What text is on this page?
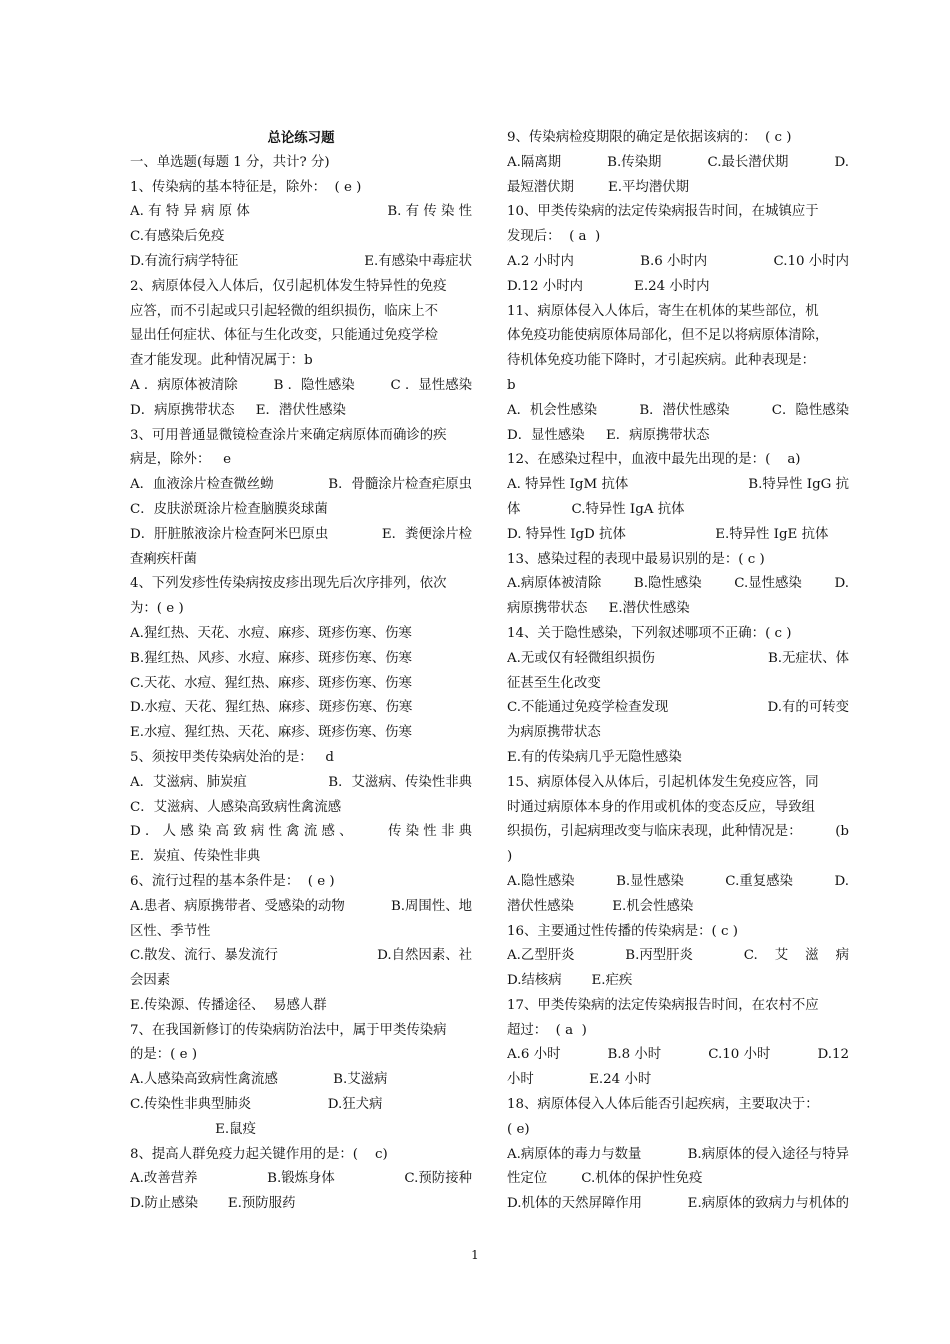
总论练习题
一、单选题(每题 1 分，共计? 分)
1、传染病的基本特征是，除外：  ( e )
A. 有 特 异 病 原 体	B. 有 传 染 性
C.有感染后免疫
D.有流行病学特征	E.有感染中毒症状
2、病原体侵入人体后，仅引起机体发生特异性的免疫
应答，而不引起或只引起轻微的组织损伤，临床上不
显出任何症状、体征与生化改变，只能通过免疫学检
查才能发现。此种情况属于：b
A ．病原体被清除	B ．隐性感染	C ．显性感染
D．病原携带状态     E．潜伏性感染
3、可用普通显微镜检查涂片来确定病原体而确诊的疾
病是，除外：   e
A．血液涂片检查微丝蚴	B．骨髓涂片检查疟原虫
C．皮肤淤斑涂片检查脑膜炎球菌
D．肝脏脓液涂片检查阿米巴原虫	E．粪便涂片检
查痢疾杆菌
4、下列发疹性传染病按皮疹出现先后次序排列，依次
为：( e )
A.猩红热、天花、水痘、麻疹、斑疹伤寒、伤寒
B.猩红热、风疹、水痘、麻疹、斑疹伤寒、伤寒
C.天花、水痘、猩红热、麻疹、斑疹伤寒、伤寒
D.水痘、天花、猩红热、麻疹、斑疹伤寒、伤寒
E.水痘、猩红热、天花、麻疹、斑疹伤寒、伤寒
5、须按甲类传染病处治的是：   d
A．艾滋病、肺炭疽	B．艾滋病、传染性非典
C．艾滋病、人感染高致病性禽流感
D ． 人 感 染 高 致 病 性 禽 流 感 、	传 染 性 非 典
E．炭疽、传染性非典
6、流行过程的基本条件是：  ( e )
A.患者、病原携带者、受感染的动物	B.周围性、地
区性、季节性
C.散发、流行、暴发流行	D.自然因素、社
会因素
E.传染源、传播途径、  易感人群
7、在我国新修订的传染病防治法中，属于甲类传染病
的是：( e )
A.人感染高致病性禽流感             B.艾滋病
C.传染性非典型肺炎                  D.狂犬病
E.鼠疫
8、提高人群免疫力起关键作用的是：(    c)
A.改善营养	B.锻炼身体	C.预防接种
D.防止感染       E.预防服药
9、传染病检疫期限的确定是依据该病的：  ( c )
A.隔离期	B.传染期	C.最长潜伏期	D.
最短潜伏期        E.平均潜伏期
10、甲类传染病的法定传染病报告时间，在城镇应于
发现后：  ( a  )
A.2 小时内	B.6 小时内	C.10 小时内
D.12 小时内            E.24 小时内
11、病原体侵入人体后，寄生在机体的某些部位，机
体免疫功能使病原体局部化，但不足以将病原体清除，
待机体免疫功能下降时，才引起疾病。此种表现是：
b
A．机会性感染	B．潜伏性感染	C．隐性感染
D．显性感染     E．病原携带状态
12、在感染过程中，血液中最先出现的是：(    a)
A. 特异性 IgM 抗体	B.特异性 IgG 抗
体            C.特异性 IgA 抗体
D. 特异性 IgD 抗体                     E.特异性 IgE 抗体
13、感染过程的表现中最易识别的是：( c )
A.病原体被清除 B.隐性感染 C.显性感染 D.
病原携带状态     E.潜伏性感染
14、关于隐性感染，下列叙述哪项不正确：( c )
A.无或仅有轻微组织损伤	B.无症状、体
征甚至生化改变
C.不能通过免疫学检查发现	D.有的可转变
为病原携带状态
E.有的传染病几乎无隐性感染
15、病原体侵入从体后，引起机体发生免疫应答，同
时通过病原体本身的作用或机体的变态反应，导致组
织损伤，引起病理改变与临床表现，此种情况是：	(b
)
A.隐性感染	B.显性感染	C.重复感染	D.
潜伏性感染         E.机会性感染
16、主要通过性传播的传染病是：( c )
A.乙型肝炎	B.丙型肝炎	C.    艾    滋    病
D.结核病       E.疟疾
17、甲类传染病的法定传染病报告时间，在农村不应
超过：  ( a  )
A.6 小时	B.8 小时	C.10 小时	D.12
小时             E.24 小时
18、病原体侵入人体后能否引起疾病，主要取决于：
( e)
A.病原体的毒力与数量	B.病原体的侵入途径与特异
性定位        C.机体的保护性免疫
D.机体的天然屏障作用	E.病原体的致病力与机体的
1
